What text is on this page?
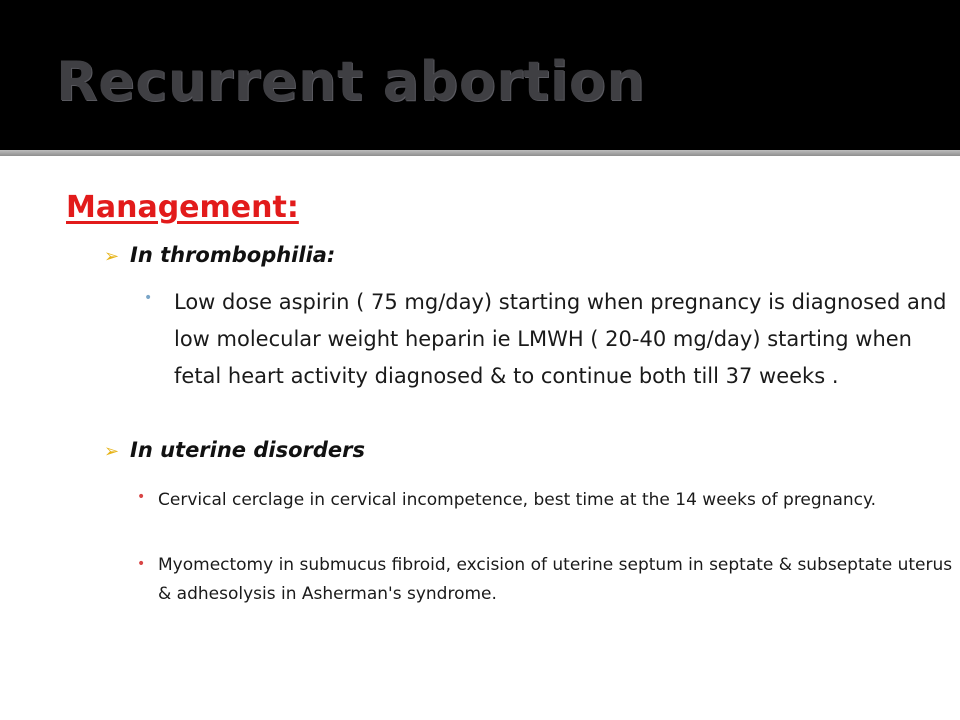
Recurrent abortion
Management:
➢ In thrombophilia:
• Low dose aspirin ( 75 mg/day) starting when pregnancy is diagnosed and low molecular weight heparin ie LMWH ( 20-40 mg/day) starting when fetal heart activity diagnosed & to continue both till 37 weeks .
➢ In uterine disorders
• Cervical cerclage in cervical incompetence, best time at the 14 weeks of pregnancy.
• Myomectomy in submucus fibroid, excision of uterine septum in septate & subseptate uterus & adhesolysis in Asherman's syndrome.
